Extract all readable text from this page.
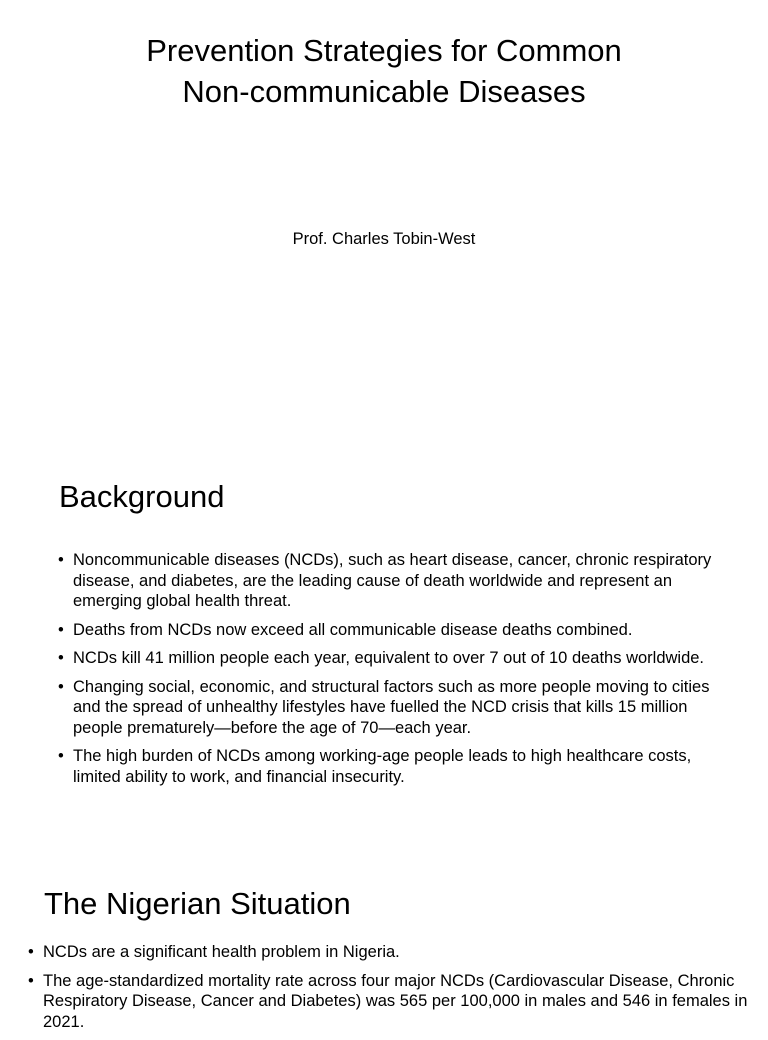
Prevention Strategies for Common
Non-communicable Diseases
Prof. Charles Tobin-West
Background
• Noncommunicable diseases (NCDs), such as heart disease, cancer, chronic respiratory disease, and diabetes, are the leading cause of death worldwide and represent an emerging global health threat.
• Deaths from NCDs now exceed all communicable disease deaths combined.
• NCDs kill 41 million people each year, equivalent to over 7 out of 10 deaths worldwide.
• Changing social, economic, and structural factors such as more people moving to cities and the spread of unhealthy lifestyles have fuelled the NCD crisis that kills 15 million people prematurely—before the age of 70—each year.
• The high burden of NCDs among working-age people leads to high healthcare costs, limited ability to work, and financial insecurity.
The Nigerian Situation
• NCDs are a significant health problem in Nigeria.
• The age-standardized mortality rate across four major NCDs (Cardiovascular Disease, Chronic Respiratory Disease, Cancer and Diabetes) was 565 per 100,000 in males and 546 in females in 2021.
